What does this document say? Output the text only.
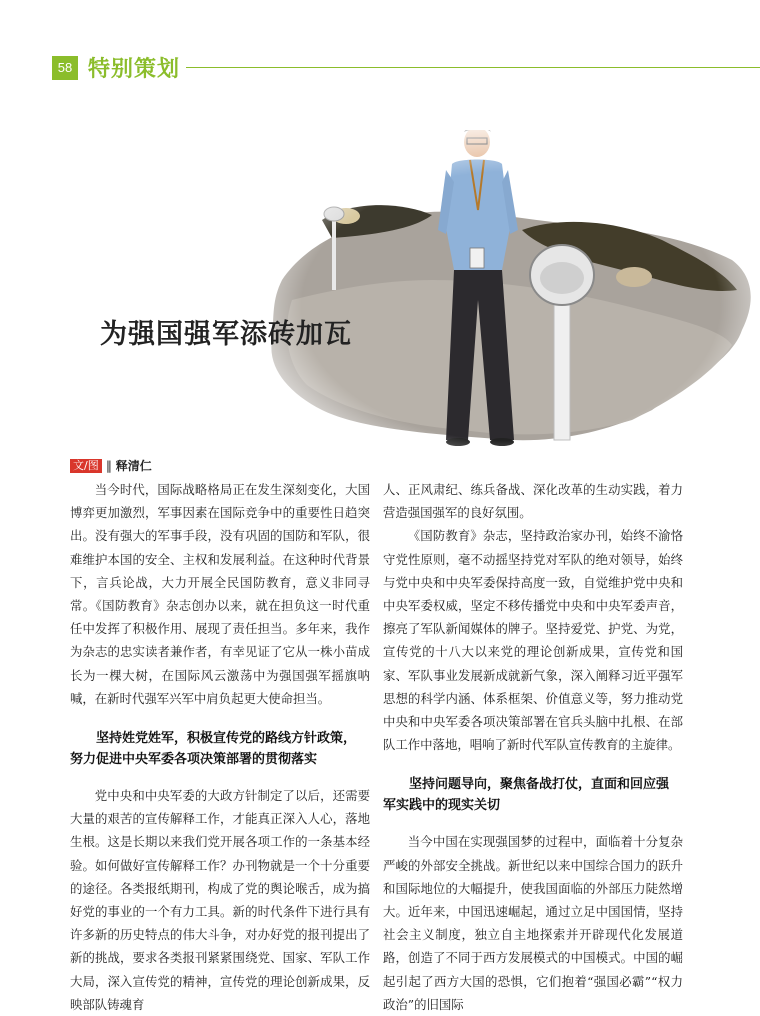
58 特别策划
为强国强军添砖加瓦
文/图 ‖ 释清仁

当今时代，国际战略格局正在发生深刻变化，大国博弈更加激烈，军事因素在国际竞争中的重要性日趋突出。没有强大的军事手段，没有巩固的国防和军队，很难维护本国的安全、主权和发展利益。在这种时代背景下，言兵论战，大力开展全民国防教育，意义非同寻常。《国防教育》杂志创办以来，就在担负这一时代重任中发挥了积极作用、展现了责任担当。多年来，我作为杂志的忠实读者兼作者，有幸见证了它从一株小苗成长为一棵大树，在国际风云激荡中为强国强军摇旗呐喊，在新时代强军兴军中肩负起更大使命担当。

坚持姓党姓军，积极宣传党的路线方针政策，
努力促进中央军委各项决策部署的贯彻落实

党中央和中央军委的大政方针制定了以后，还需要大量的艰苦的宣传解释工作，才能真正深入人心，落地生根。这是长期以来我们党开展各项工作的一条基本经验。如何做好宣传解释工作？办刊物就是一个十分重要的途径。各类报纸期刊，构成了党的舆论喉舌，成为搞好党的事业的一个有力工具。新的时代条件下进行具有许多新的历史特点的伟大斗争，对办好党的报刊提出了新的挑战，要求各类报刊紧紧围绕党、国家、军队工作大局，深入宣传党的精神，宣传党的理论创新成果，反映部队铸魂育

人、正风肃纪、练兵备战、深化改革的生动实践，着力营造强国强军的良好氛围。

《国防教育》杂志，坚持政治家办刊，始终不渝恪守党性原则，毫不动摇坚持党对军队的绝对领导，始终与党中央和中央军委保持高度一致，自觉维护党中央和中央军委权威，坚定不移传播党中央和中央军委声音，擦亮了军队新闻媒体的牌子。坚持爱党、护党、为党，宣传党的十八大以来党的理论创新成果，宣传党和国家、军队事业发展新成就新气象，深入阐释习近平强军思想的科学内涵、体系框架、价值意义等，努力推动党中央和中央军委各项决策部署在官兵头脑中扎根、在部队工作中落地，唱响了新时代军队宣传教育的主旋律。

坚持问题导向，聚焦备战打仗，直面和回应强
军实践中的现实关切

当今中国在实现强国梦的过程中，面临着十分复杂严峻的外部安全挑战。新世纪以来中国综合国力的跃升和国际地位的大幅提升，使我国面临的外部压力陡然增大。近年来，中国迅速崛起，通过立足中国国情，坚持社会主义制度，独立自主地探索并开辟现代化发展道路，创造了不同于西方发展模式的中国模式。中国的崛起引起了西方大国的恐惧，它们抱着“强国必霸”“权力政治”的旧国际
